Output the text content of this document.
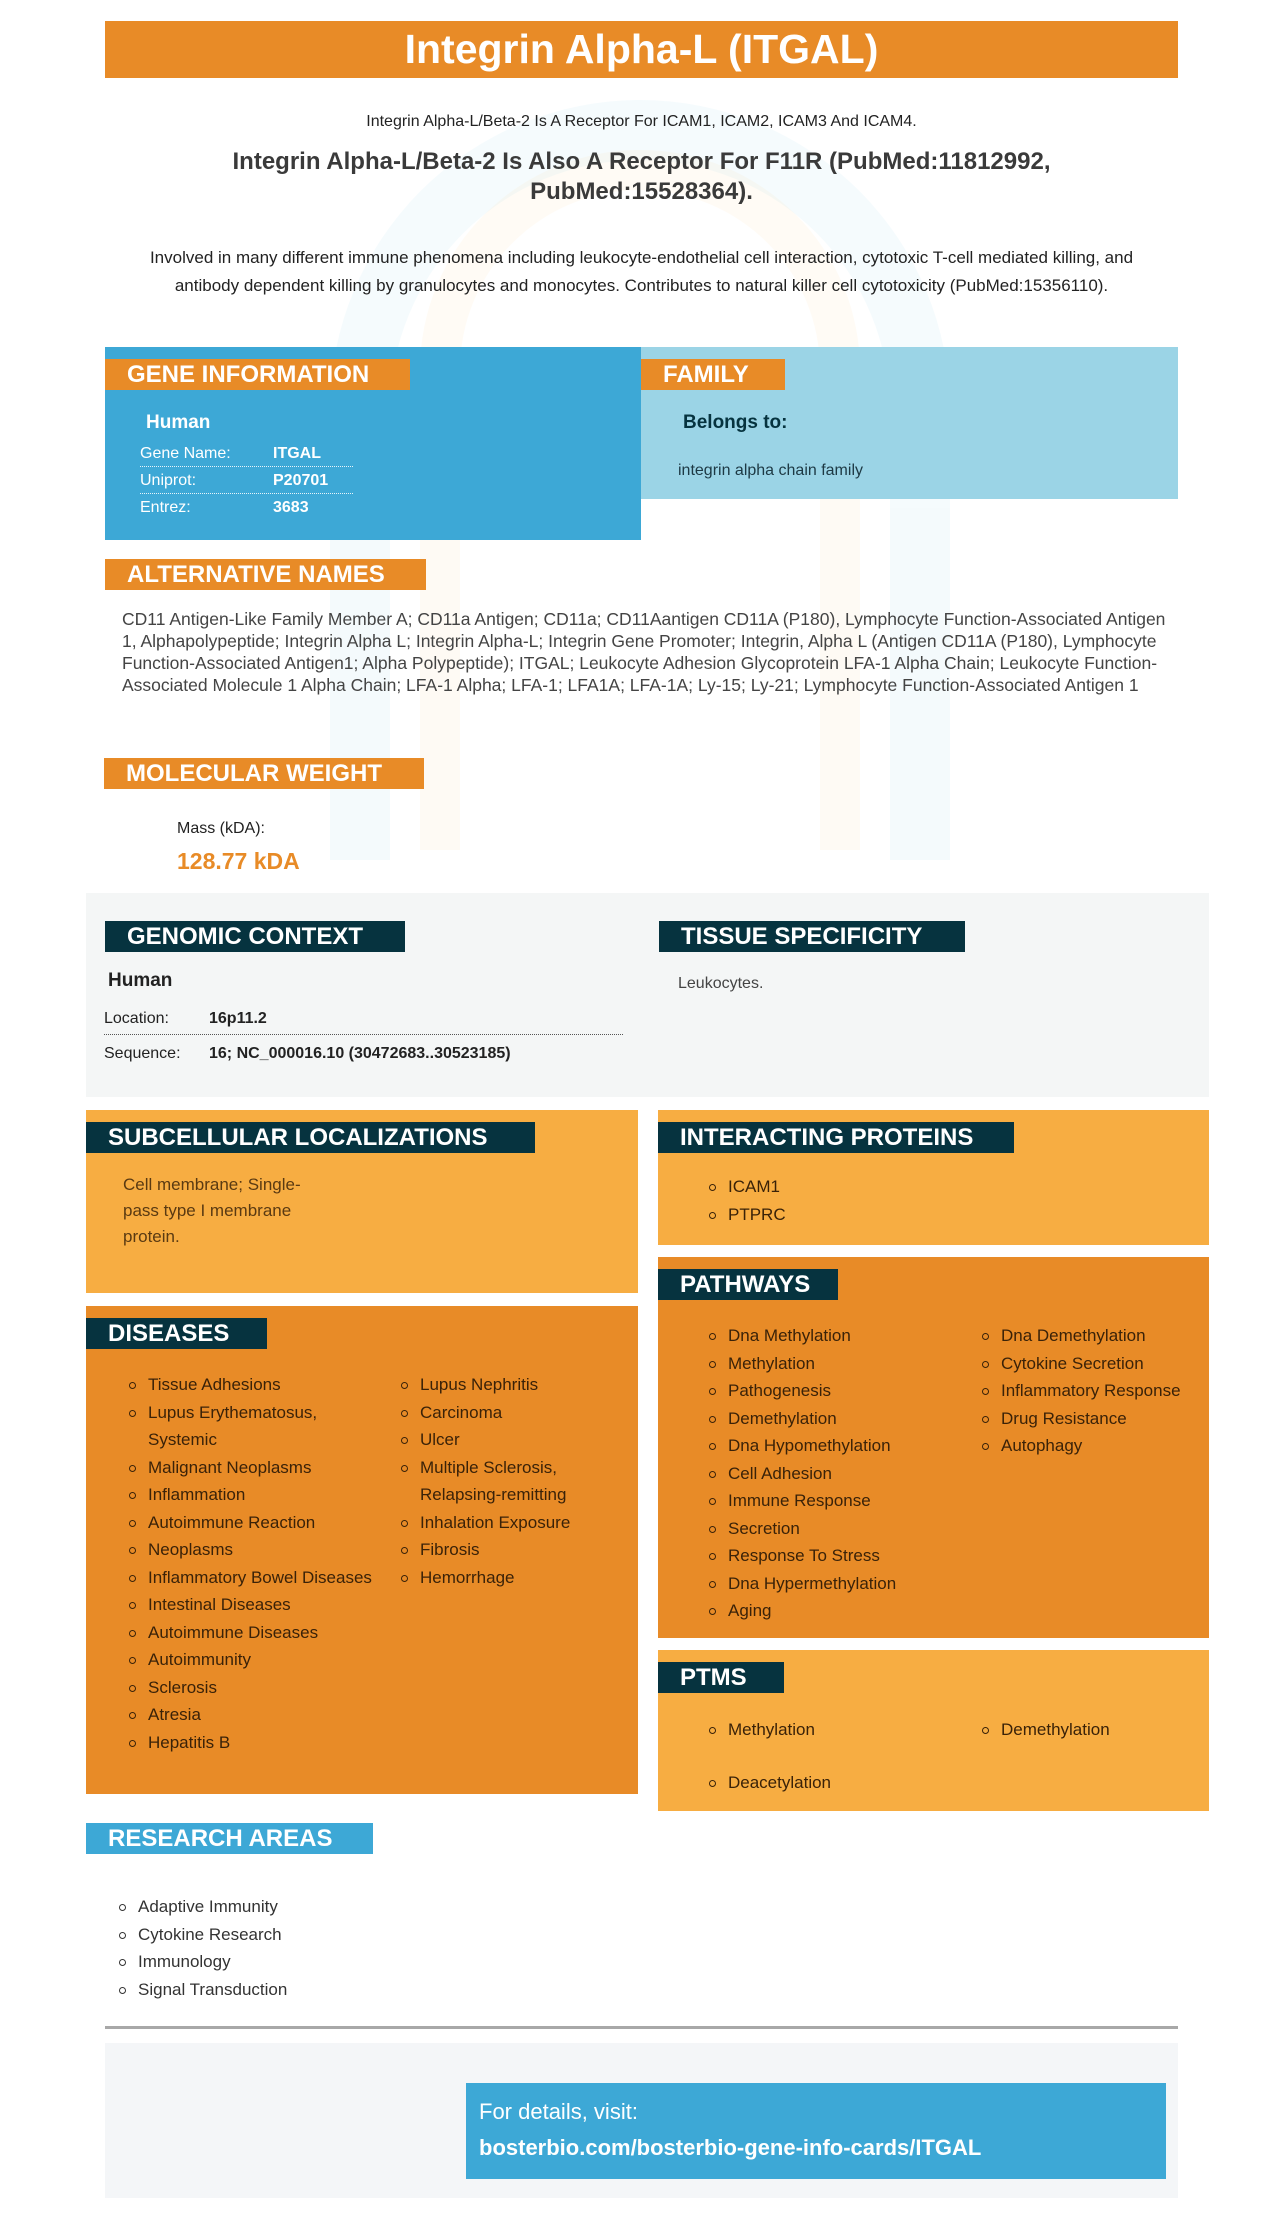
Integrin Alpha-L (ITGAL)
Integrin Alpha-L/Beta-2 Is A Receptor For ICAM1, ICAM2, ICAM3 And ICAM4.
Integrin Alpha-L/Beta-2 Is Also A Receptor For F11R (PubMed:11812992, PubMed:15528364).
Involved in many different immune phenomena including leukocyte-endothelial cell interaction, cytotoxic T-cell mediated killing, and antibody dependent killing by granulocytes and monocytes. Contributes to natural killer cell cytotoxicity (PubMed:15356110).
GENE INFORMATION
Human
Gene Name:	ITGAL
Uniprot:	P20701
Entrez:	3683
FAMILY
Belongs to:
integrin alpha chain family
ALTERNATIVE NAMES
CD11 Antigen-Like Family Member A; CD11a Antigen; CD11a; CD11Aantigen CD11A (P180), Lymphocyte Function-Associated Antigen 1, Alphapolypeptide; Integrin Alpha L; Integrin Alpha-L; Integrin Gene Promoter; Integrin, Alpha L (Antigen CD11A (P180), Lymphocyte Function-Associated Antigen1; Alpha Polypeptide); ITGAL; Leukocyte Adhesion Glycoprotein LFA-1 Alpha Chain; Leukocyte Function-Associated Molecule 1 Alpha Chain; LFA-1 Alpha; LFA-1; LFA1A; LFA-1A; Ly-15; Ly-21; Lymphocyte Function-Associated Antigen 1
MOLECULAR WEIGHT
Mass (kDA):
128.77 kDA
GENOMIC CONTEXT
Human
Location:	16p11.2
Sequence: 16; NC_000016.10 (30472683..30523185)
TISSUE SPECIFICITY
Leukocytes.
SUBCELLULAR LOCALIZATIONS
Cell membrane; Single-pass type I membrane protein.
INTERACTING PROTEINS
ICAM1
PTPRC
DISEASES
Tissue Adhesions
Lupus Erythematosus, Systemic
Malignant Neoplasms
Inflammation
Autoimmune Reaction
Neoplasms
Inflammatory Bowel Diseases
Intestinal Diseases
Autoimmune Diseases
Autoimmunity
Sclerosis
Atresia
Hepatitis B
Lupus Nephritis
Carcinoma
Ulcer
Multiple Sclerosis, Relapsing-remitting
Inhalation Exposure
Fibrosis
Hemorrhage
PATHWAYS
Dna Methylation
Methylation
Pathogenesis
Demethylation
Dna Hypomethylation
Cell Adhesion
Immune Response
Secretion
Response To Stress
Dna Hypermethylation
Aging
Dna Demethylation
Cytokine Secretion
Inflammatory Response
Drug Resistance
Autophagy
PTMS
Methylation	Demethylation
Deacetylation
RESEARCH AREAS
Adaptive Immunity
Cytokine Research
Immunology
Signal Transduction
For details, visit:
bosterbio.com/bosterbio-gene-info-cards/ITGAL
